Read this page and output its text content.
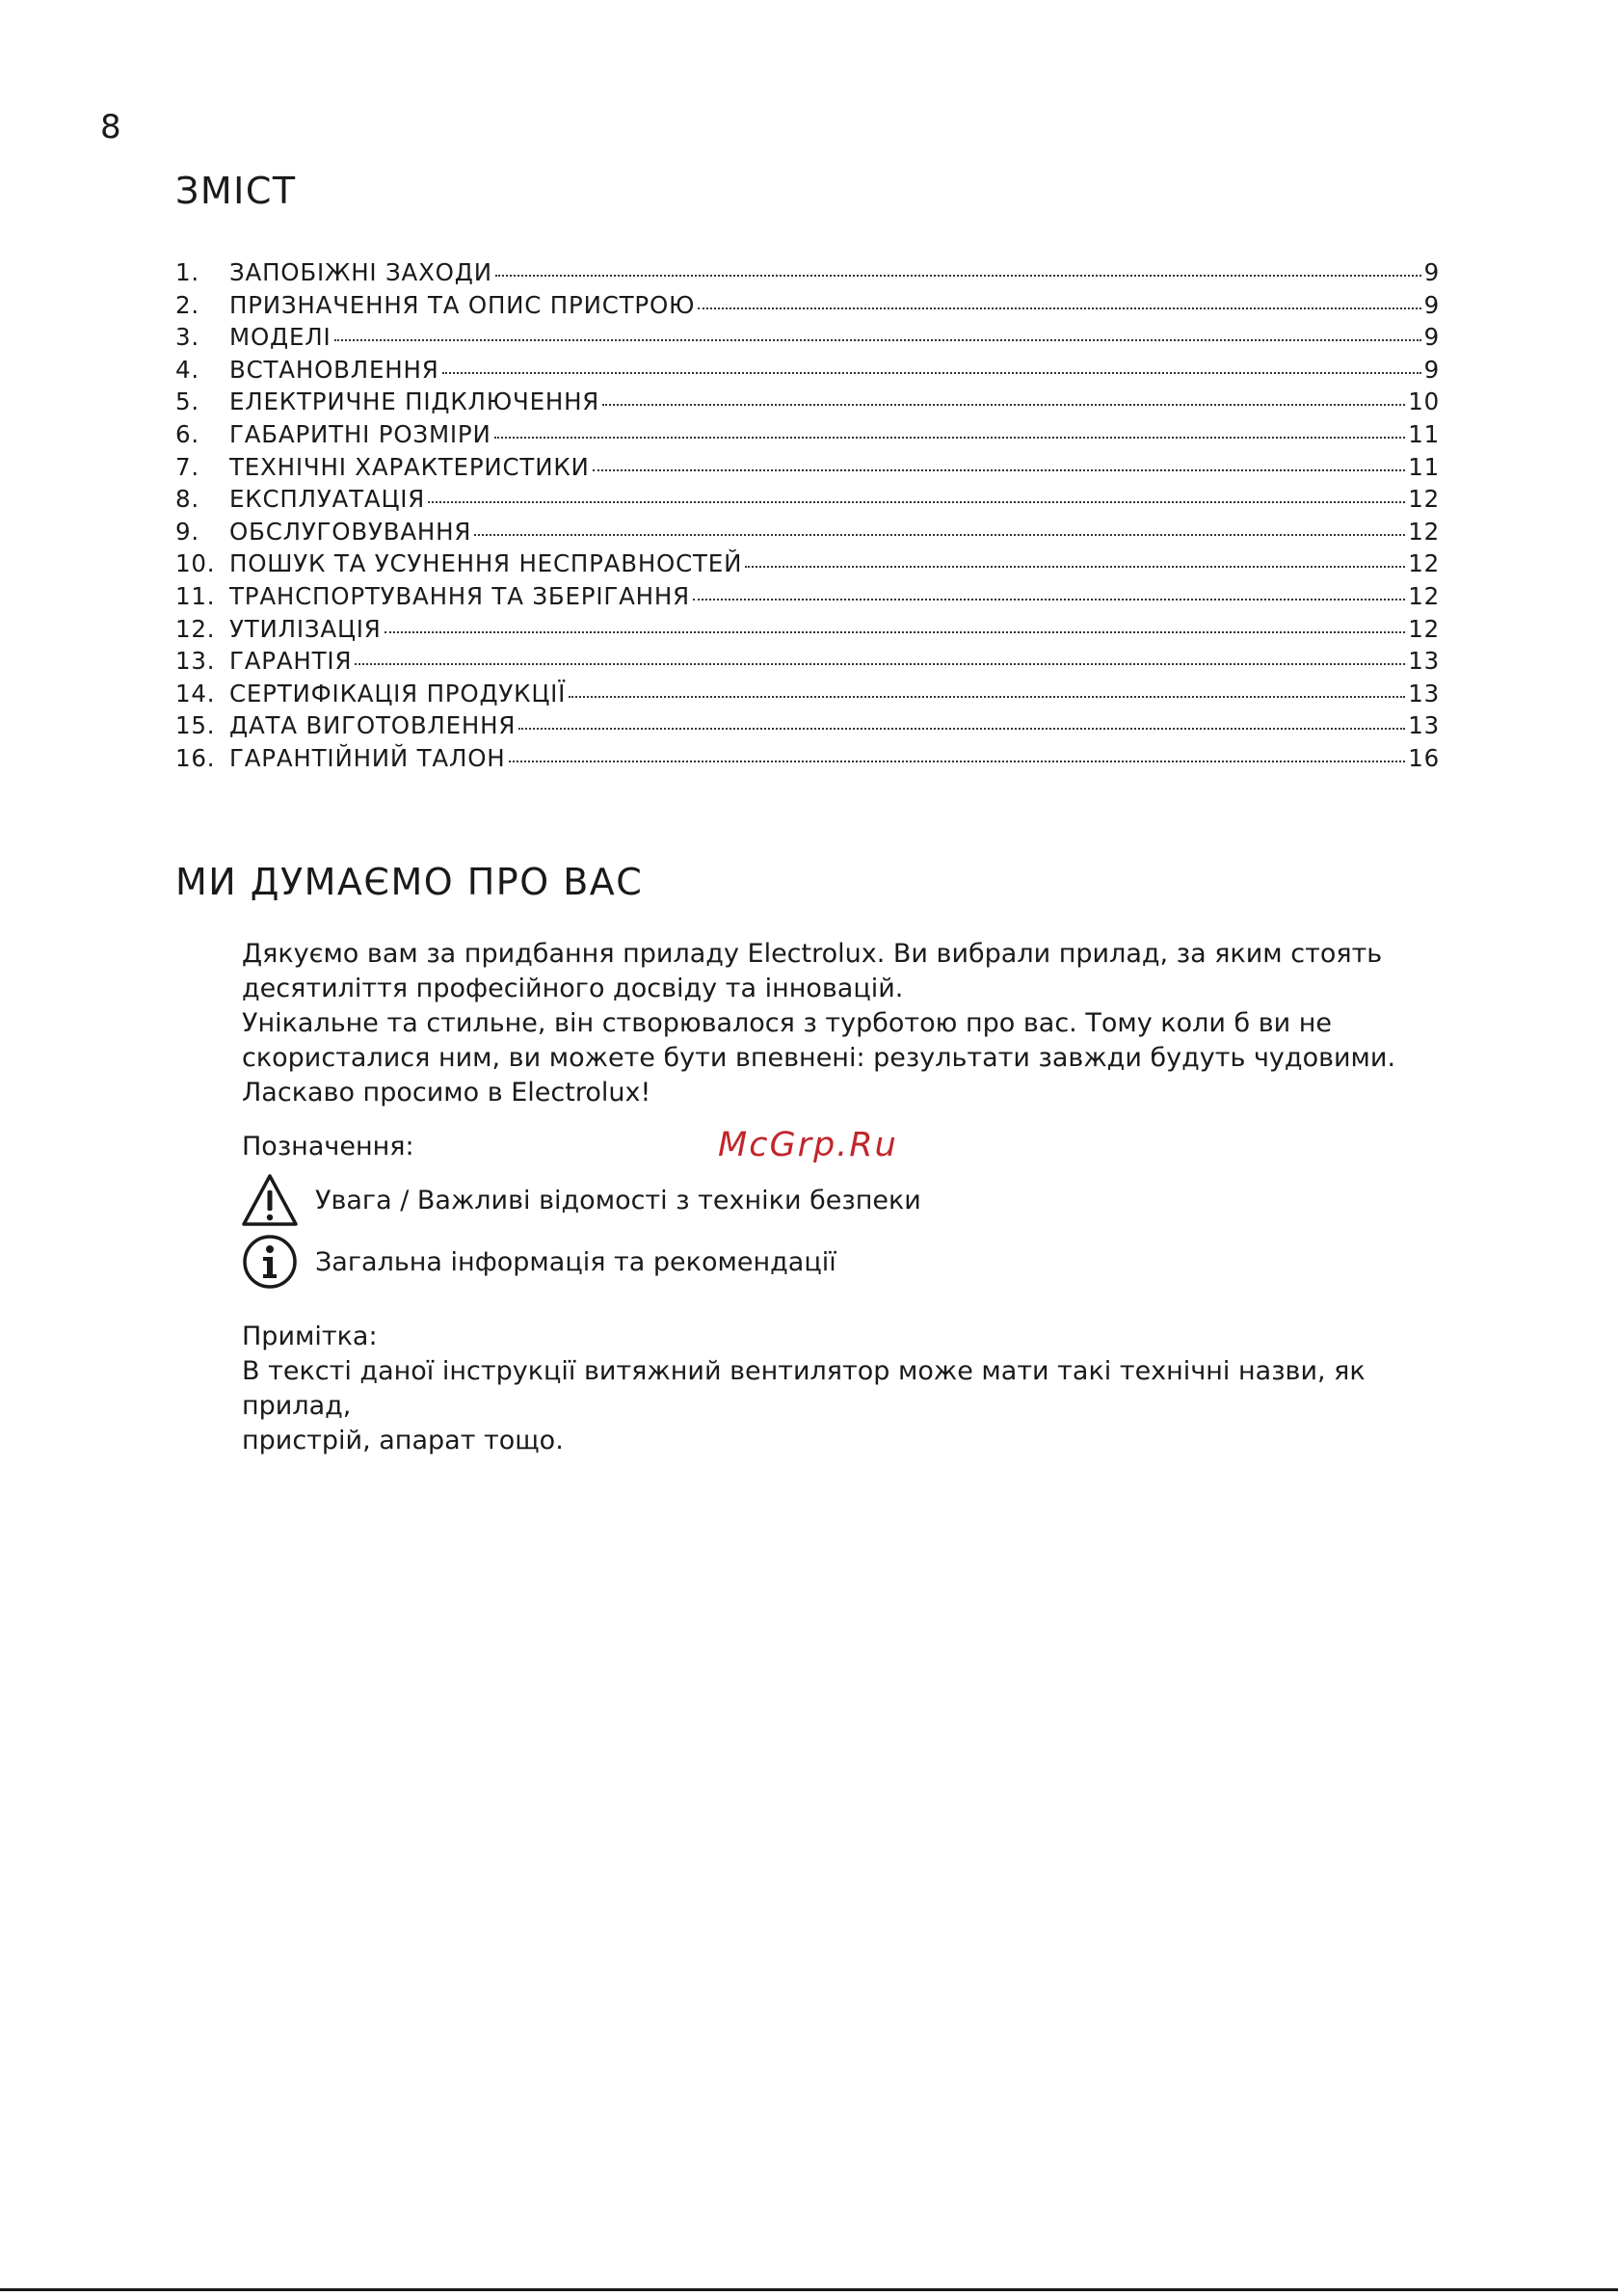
8
ЗМІСТ
1.	ЗАПОБІЖНІ ЗАХОДИ	9
2.	ПРИЗНАЧЕННЯ ТА ОПИС ПРИСТРОЮ	9
3.	МОДЕЛІ	9
4.	ВСТАНОВЛЕННЯ	9
5.	ЕЛЕКТРИЧНЕ ПІДКЛЮЧЕННЯ	10
6.	ГАБАРИТНІ РОЗМІРИ	11
7.	ТЕХНІЧНІ ХАРАКТЕРИСТИКИ	11
8.	ЕКСПЛУАТАЦІЯ	12
9.	ОБСЛУГОВУВАННЯ	12
10. ПОШУК ТА УСУНЕННЯ НЕСПРАВНОСТЕЙ	12
11. ТРАНСПОРТУВАННЯ ТА ЗБЕРІГАННЯ	12
12. УТИЛІЗАЦІЯ	12
13. ГАРАНТІЯ	13
14. СЕРТИФІКАЦІЯ ПРОДУКЦІЇ	13
15. ДАТА ВИГОТОВЛЕННЯ	13
16. ГАРАНТІЙНИЙ ТАЛОН	16
МИ ДУМАЄМО ПРО ВАС
Дякуємо вам за придбання приладу Electrolux. Ви вибрали прилад, за яким стоять
десятиліття професійного досвіду та інновацій.
Унікальне та стильне, він створювалося з турботою про вас. Тому коли б ви не
скористалися ним, ви можете бути впевнені: результати завжди будуть чудовими.
Ласкаво просимо в Electrolux!
Позначення:	McGrp.Ru
Увага / Важливі відомості з техніки безпеки
Загальна інформація та рекомендації
Примітка:
В тексті даної інструкції витяжний вентилятор може мати такі технічні назви, як прилад,
пристрій, апарат тощо.
